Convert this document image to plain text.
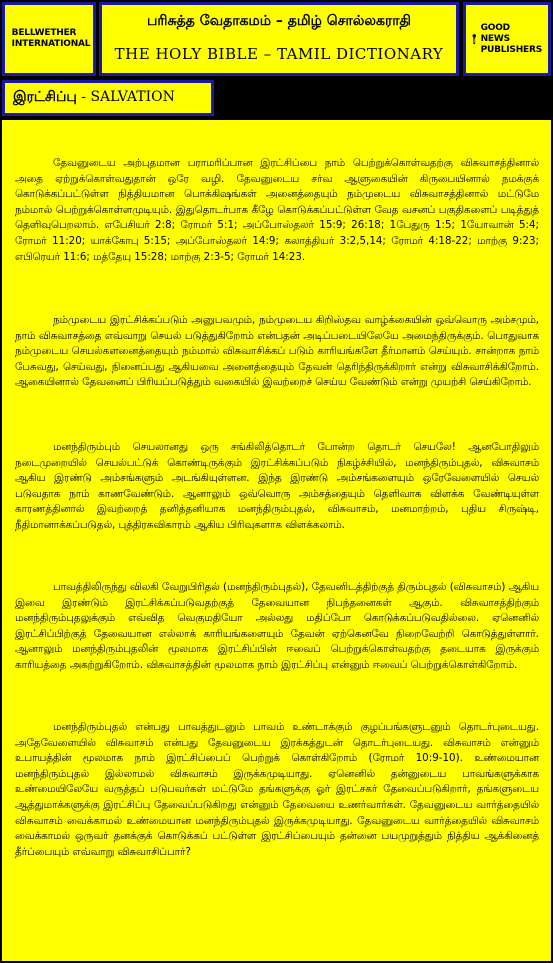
BELLWETHER
INTERNATIONAL
பரிசுத்த வேதாகமம் – தமிழ் சொல்லகராதி
THE HOLY BIBLE – TAMIL DICTIONARY
GOOD NEWS
PUBLISHERS
இரட்சிப்பு - SALVATION

தேவனுடைய அற்புதமான பராமரிப்பான இரட்சிப்பை நாம் பெற்றுக்கொள்வதற்கு விசுவாசத்தினால் அதை ஏற்றுக்கொள்வதுதான் ஒரே வழி. தேவனுடைய சர்வ ஆளுகையின் கிருபையினால் நமக்குக் கொடுக்கப்பட்டுள்ள நித்தியமான பொக்கிஷங்கள் அனைத்தையும் நம்முடைய விசுவாசத்தினால் மட்டுமே நம்மால் பெற்றுக்கொள்ளமுடியும். இதுதொடர்பாக கீழே கொடுக்கப்பட்டுள்ள வேத வசனப் பகுதிகளைப் படித்துத் தெளிவுபெறலாம். எபேசியர் 2:8; ரோமர் 5:1; அப்போஸ்தலர் 15:9; 26:18; 1பேதுரு 1:5; 1யோவான் 5:4; ரோமர் 11:20; யாக்கோபு 5:15; அப்போஸ்தலர் 14:9; கலாத்தியர் 3:2,5,14; ரோமர் 4:18-22; மாற்கு 9:23; எபிரெயர் 11:6; மத்தேயு 15:28; மாற்கு 2:3-5; ரோமர் 14:23.

நம்முடைய இரட்சிக்கப்படும் அனுபவமும், நம்முடைய கிறிஸ்தவ வாழ்க்கையின் ஒவ்வொரு அம்சமும், நாம் விசுவாசத்தை எவ்வாறு செயல் படுத்துகிறோம் என்பதன் அடிப்படையிலேயே அமைந்திருக்கும். பொதுவாக நம்முடைய செயல்களனைத்தையும் நம்மால் விசுவாசிக்கப் படும் காரியங்களே தீர்மானம் செய்யும். சான்றாக நாம் பேசுவது, செய்வது, நினைப்பது ஆகியவை அனைத்தையும் தேவன் தெரிந்திருக்கிறார் என்று விசுவாசிக்கிறோம். ஆகையினால் தேவனைப் பிரியப்படுத்தும் வகையில் இவற்றைச் செய்ய வேண்டும் என்று முயற்சி செய்கிறோம்.

மனந்திரும்பும் செயலானது ஒரு சங்கிலித்தொடர் போன்ற தொடர் செயலே! ஆனபோதிலும் நடைமுறையில் செயல்பட்டுக் கொண்டிருக்கும் இரட்சிக்கப்படும் நிகழ்ச்சியில், மனந்திரும்புதல், விசுவாசம் ஆகிய இரண்டு அம்சங்களும் அடங்கியுள்ளன. இந்த இரண்டு அம்சங்களையும் ஒரேவேளையில் செயல் படுவதாக நாம் காணவேண்டும். ஆனாலும் ஒவ்வொரு அம்சத்தையும் தெளிவாக விளக்க வேண்டியுள்ள காரணத்தினால் இவற்றைத் தனித்தனியாக மனந்திரும்புதல், விசுவாசம், மனமாற்றம், புதிய சிருஷ்டி, நீதிமானாக்கப்படுதல், புத்திரசுவிகாரம் ஆகிய பிரிவுகளாக விளக்கலாம்.

பாவத்திலிருந்து விலகி வேறுபிரிதல் (மனந்திரும்புதல்), தேவனிடத்திற்குத் திரும்புதல் (விசுவாசம்) ஆகிய இவை இரண்டும் இரட்சிக்கப்படுவதற்குத் தேவையான நிபந்தனைகள் ஆகும். விசுவாசத்திற்கும் மனந்திரும்புதலுக்கும் எவ்வித வெகுமதியோ அல்லது மதிப்போ கொடுக்கப்படுவதில்லை. ஏனெனில் இரட்சிப்பிற்குத் தேவையான எல்லாக் காரியங்களையும் தேவன் ஏற்கெனவே நிறைவேற்றி கொடுத்துள்ளார். ஆனாலும் மனந்திரும்புதலின் மூலமாக இரட்சிப்பின் ஈவைப் பெற்றுக்கொள்வதற்கு தடையாக இருக்கும் காரியத்தை அகற்றுகிறோம். விசுவாசத்தின் மூலமாக நாம் இரட்சிப்பு என்னும் ஈவைப் பெற்றுக்கொள்கிறோம்.

மனந்திரும்புதல் என்பது பாவத்துடனும் பாவம் உண்டாக்கும் குழப்பங்களுடனும் தொடர்புடையது. அதேவேளையில் விசுவாசம் என்பது தேவனுடைய இரக்கத்துடன் தொடர்புடையது. விசுவாசம் என்னும் உபாயத்தின் மூலமாக நாம் இரட்சிப்பைப் பெற்றுக் கொள்கிறோம் (ரோமர் 10:9-10). உண்மையான மனந்திரும்புதல் இல்லாமல் விசுவாசம் இருக்கமுடியாது. ஏனெனில் தன்னுடைய பாவங்களுக்காக உண்மையிலேயே வருத்தப் படுபவர்கள் மட்டுமே தங்களுக்கு ஓர் இரட்சகர் தேவைப்படுகிறார், தங்களுடைய ஆத்துமாக்களுக்கு இரட்சிப்பு தேவைப்படுகிறது என்னும் தேவையை உணர்வார்கள். தேவனுடைய வார்த்தையில் விசுவாசம் வைக்காமல் உண்மையான மனந்திரும்புதல் இருக்கமுடியாது. தேவனுடைய வார்த்தையில் விசுவாசம் வைக்காமல் ஒருவர் தனக்குக் கொடுக்கப் பட்டுள்ள இரட்சிப்பையும் தன்னை பயமுறுத்தும் நித்திய ஆக்கினைத் தீர்ப்பையும் எவ்வாறு விசுவாசிப்பார்?
